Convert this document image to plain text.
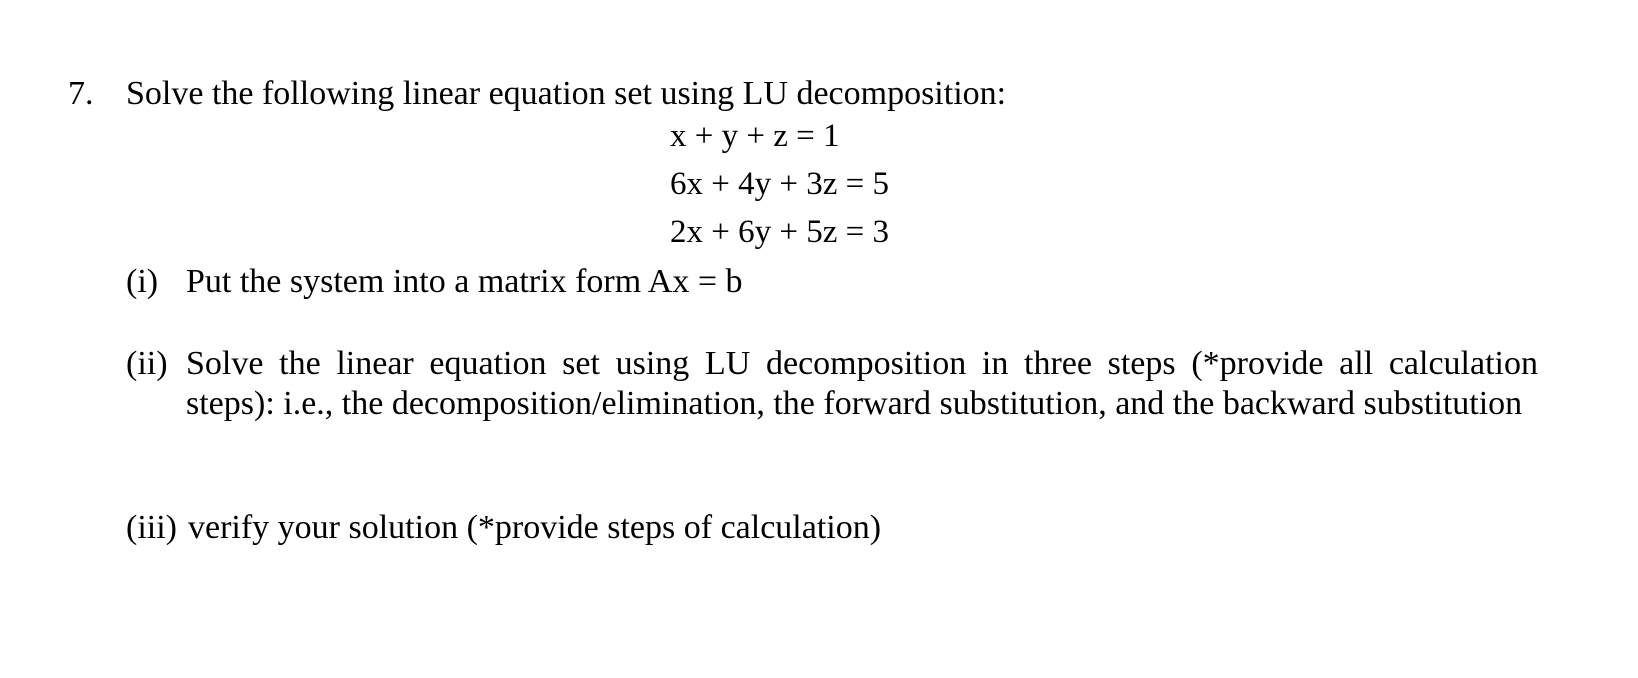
7. Solve the following linear equation set using LU decomposition:
x + y + z = 1
6x + 4y + 3z = 5
2x + 6y + 5z = 3
(i) Put the system into a matrix form Ax = b
(ii) Solve the linear equation set using LU decomposition in three steps (*provide all calculation steps): i.e., the decomposition/elimination, the forward substitution, and the backward substitution
(iii) verify your solution (*provide steps of calculation)
